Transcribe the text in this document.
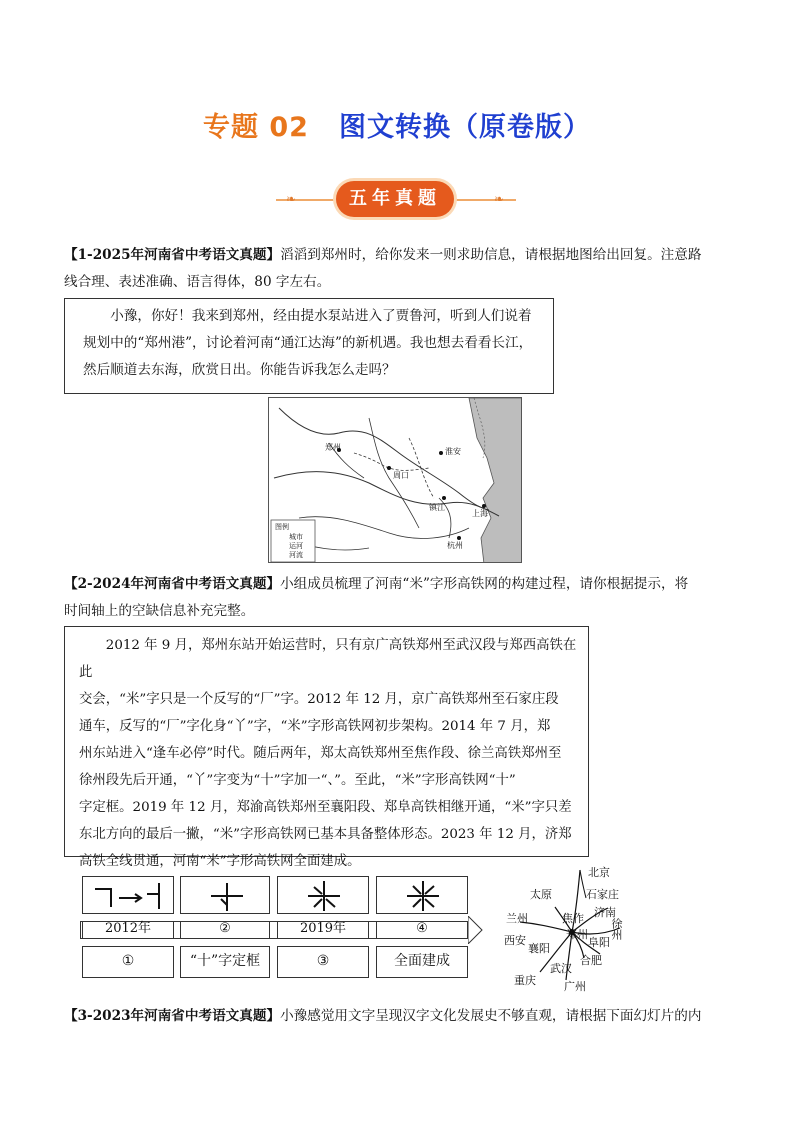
专题 02 图文转换（原卷版）
❧	❧
五年真题
【1-2025年河南省中考语文真题】滔滔到郑州时，给你发来一则求助信息，请根据地图给出回复。注意路
线合理、表述准确、语言得体，80 字左右。
小豫，你好！我来到郑州，经由提水泵站进入了贾鲁河，听到人们说着规划中的“郑州港”，讨论着河南“通江达海”的新机遇。我也想去看看长江，然后顺道去东海，欣赏日出。你能告诉我怎么走吗？
郑州
周口
淮安
上海
杭州
镇江
图例
城市
运河
河流
【2-2024年河南省中考语文真题】小组成员梳理了河南“米”字形高铁网的构建过程，请你根据提示，将
时间轴上的空缺信息补充完整。
2012 年 9 月，郑州东站开始运营时，只有京广高铁郑州至武汉段与郑西高铁在此
交会，“米”字只是一个反写的“厂”字。2012 年 12 月，京广高铁郑州至石家庄段
通车，反写的“厂”字化身“丫”字，“米”字形高铁网初步架构。2014 年 7 月，郑
州东站进入“逢车必停”时代。随后两年，郑太高铁郑州至焦作段、徐兰高铁郑州至
徐州段先后开通，“丫”字变为“十”字加一“、”。至此，“米”字形高铁网“十”
字定框。2019 年 12 月，郑渝高铁郑州至襄阳段、郑阜高铁相继开通，“米”字只差
东北方向的最后一撇，“米”字形高铁网已基本具备整体形态。2023 年 12 月，济郑
高铁全线贯通，河南“米”字形高铁网全面建成。
2012年	②	2019年	④
①	“十”字定框	③	全面建成
北京
太原	石家庄
兰州	焦作 济南
徐州
西安	郑州
阜阳
襄阳
合肥
武汉
重庆	广州
【3-2023年河南省中考语文真题】小豫感觉用文字呈现汉字文化发展史不够直观，请根据下面幻灯片的内
